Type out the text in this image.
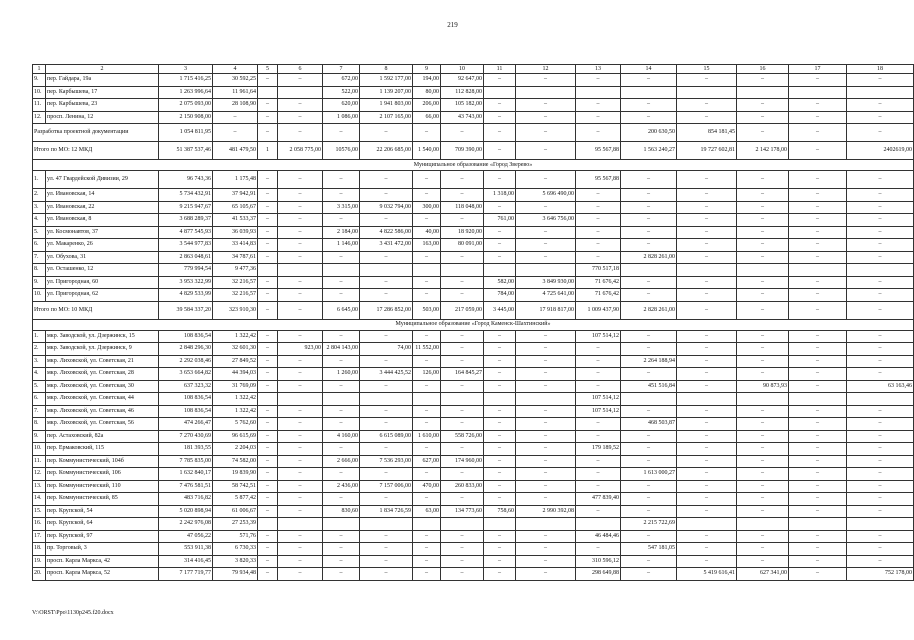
219
1	2	3	4	5	6	7	8	9	10	11	12	13	14	15	16	17	18
9.	пер. Гайдара, 19а	1 715 416,25	30 592,25	–	–	672,00	1 592 177,00	194,00	92 647,00	–	–	–	–	–	–	–	–
10.	пер. Карбышева, 17	1 263 996,64	11 961,64			522,00	1 139 207,00	80,00	112 828,00								
11.	пер. Карбышева, 23	2 075 093,00	28 108,90	–	–	620,00	1 941 803,00	206,00	105 182,00	–	–	–	–	–	–	–	–
12.	просп. Ленина, 12	2 150 908,00	–	–	–	1 086,00	2 107 165,00	66,00	43 743,00	–	–	–	–	–	–	–	–
Разработка проектной документации		1 054 811,95	–	–	–	–	–	–	–	–	–	–	200 630,50	854 181,45	–	–	–
Итого по МО: 12 МКД		51 387 537,46	481 479,50	1	2 058 775,00	10576,00	22 206 685,00	1 540,00	709 390,00	–	–	95 567,88	1 563 240,27	19 727 602,81	2 142 178,00	–	2402619,00
Муниципальное образование «Город Зверево»																	
1.	ул. 47 Гвардейской Дивизии, 29	96 743,36	1 175,48	–	–	–	–	–	–	–	–	95 567,88	–	–	–	–	–
2.	ул. Ивановская, 14	5 734 432,91	37 942,91	–	–	–	–	–	–	1 318,00	5 696 490,00	–	–	–	–	–	–
3.	ул. Ивановская, 22	9 215 947,67	65 105,67	–	–	3 315,00	9 032 794,00	300,00	118 048,00	–	–	–	–	–	–	–	–
4.	ул. Ивановская, 8	3 688 289,37	41 533,37	–	–	–	–	–	–	761,00	3 646 756,00	–	–	–	–	–	–
5.	ул. Космонавтов, 37	4 877 545,93	36 039,93	–	–	2 184,00	4 822 586,00	40,00	18 920,00	–	–	–	–	–	–	–	–
6.	ул. Макаренко, 26	3 544 977,83	33 414,83	–	–	1 146,00	3 431 472,00	163,00	80 091,00	–	–	–	–	–	–	–	–
7.	ул. Обухова, 31	2 863 048,61	34 787,61	–	–	–	–	–	–	–	–	–	2 828 261,00	–	–	–	–
8.	ул. Осташенко, 12	779 994,54	9 477,36									770 517,18					
9.	ул. Пригородная, 60	3 953 322,99	32 216,57	–	–	–	–	–	–	582,00	3 849 930,00	71 676,42	–	–	–	–	–
10.	ул. Пригородная, 62	4 829 533,99	32 216,57	–	–	–	–	–	–	784,00	4 725 641,00	71 676,42	–	–	–	–	–
Итого по МО: 10 МКД		39 584 337,20	323 910,30	–	–	6 645,00	17 286 852,00	503,00	217 059,00	3 445,00	17 918 817,00	1 009 437,90	2 828 261,00	–	–	–	–
Муниципальное образование «Город Каменск-Шахтинский»																	
1.	мкр. Заводской, ул. Дзержинск, 15	108 836,54	1 322,42	–	–	–	–	–	–	–	–	107 514,12	–	–	–	–	–
2.	мкр. Заводской, ул. Дзержинск, 9	2 848 296,30	32 601,30	–	923,00	2 804 143,00	74,00	11 552,00	–	–	–	–	–	–	–	–	–
3.	мкр. Лиховской, ул. Советская, 21	2 292 038,46	27 849,52	–	–	–	–	–	–	–	–	–	2 264 188,94	–	–	–	–
4.	мкр. Лиховской, ул. Советская, 28	3 653 664,82	44 394,03	–	–	1 260,00	3 444 425,52	126,00	164 845,27	–	–	–	–	–	–	–	–
5.	мкр. Лиховской, ул. Советская, 30	637 323,32	31 769,09	–	–	–	–	–	–	–	–	–	451 516,84	–	90 873,93	–	63 163,46
6.	мкр. Лиховской, ул. Советская, 44	108 836,54	1 322,42									107 514,12					
7.	мкр. Лиховской, ул. Советская, 46	108 836,54	1 322,42	–	–	–	–	–	–	–	–	107 514,12	–	–	–	–	–
8.	мкр. Лиховской, ул. Советская, 56	474 266,47	5 762,60	–	–	–	–	–	–	–	–	–	468 503,87	–	–	–	–
9.	пер. Астаховский, 82а	7 270 430,69	96 615,69	–	–	4 160,00	6 615 089,00	1 610,00	558 726,00	–	–	–	–	–	–	–	–
10.	пер. Ермаковский, 115	181 393,55	2 204,03	–	–	–	–	–	–	–	–	179 189,52	–	–	–	–	–
11.	пер. Коммунистический, 104б	7 785 835,00	74 582,00	–	–	2 666,00	7 536 293,00	627,00	174 960,00	–	–	–	–	–	–	–	–
12.	пер. Коммунистический, 106	1 632 840,17	19 839,90	–	–	–	–	–	–	–	–	–	1 613 000,27	–	–	–	–
13.	пер. Коммунистический, 110	7 476 581,51	58 742,51	–	–	2 436,00	7 157 006,00	470,00	260 833,00	–	–	–	–	–	–	–	–
14.	пер. Коммунистический, 85	483 716,82	5 877,42	–	–	–	–	–	–	–	–	477 839,40	–	–	–	–	–
15.	пер. Крупской, 54	5 020 898,94	61 006,67	–	–	830,60	1 834 726,59	63,00	134 773,60	758,60	2 990 392,08	–	–	–	–	–	–
16.	пер. Крупской, 64	2 242 976,08	27 253,39										2 215 722,69				
17.	пер. Крупской, 97	47 056,22	571,76	–	–	–	–	–	–	–	–	46 484,46	–	–	–	–	–
18.	пр. Торговый, 3	553 911,38	6 730,33	–	–	–	–	–	–	–	–	–	547 181,05	–	–	–	–
19.	просп. Карла Маркса, 42	314 416,45	3 820,33	–	–	–	–	–	–	–	–	310 596,12	–	–	–	–	–
20.	просп. Карла Маркса, 52	7 177 719,77	79 934,48	–	–	–	–	–	–	–	–	298 649,88	–	5 419 616,41	627 341,00	–	752 178,00
V:\ORST\Ppo\1130p245.f20.docx
